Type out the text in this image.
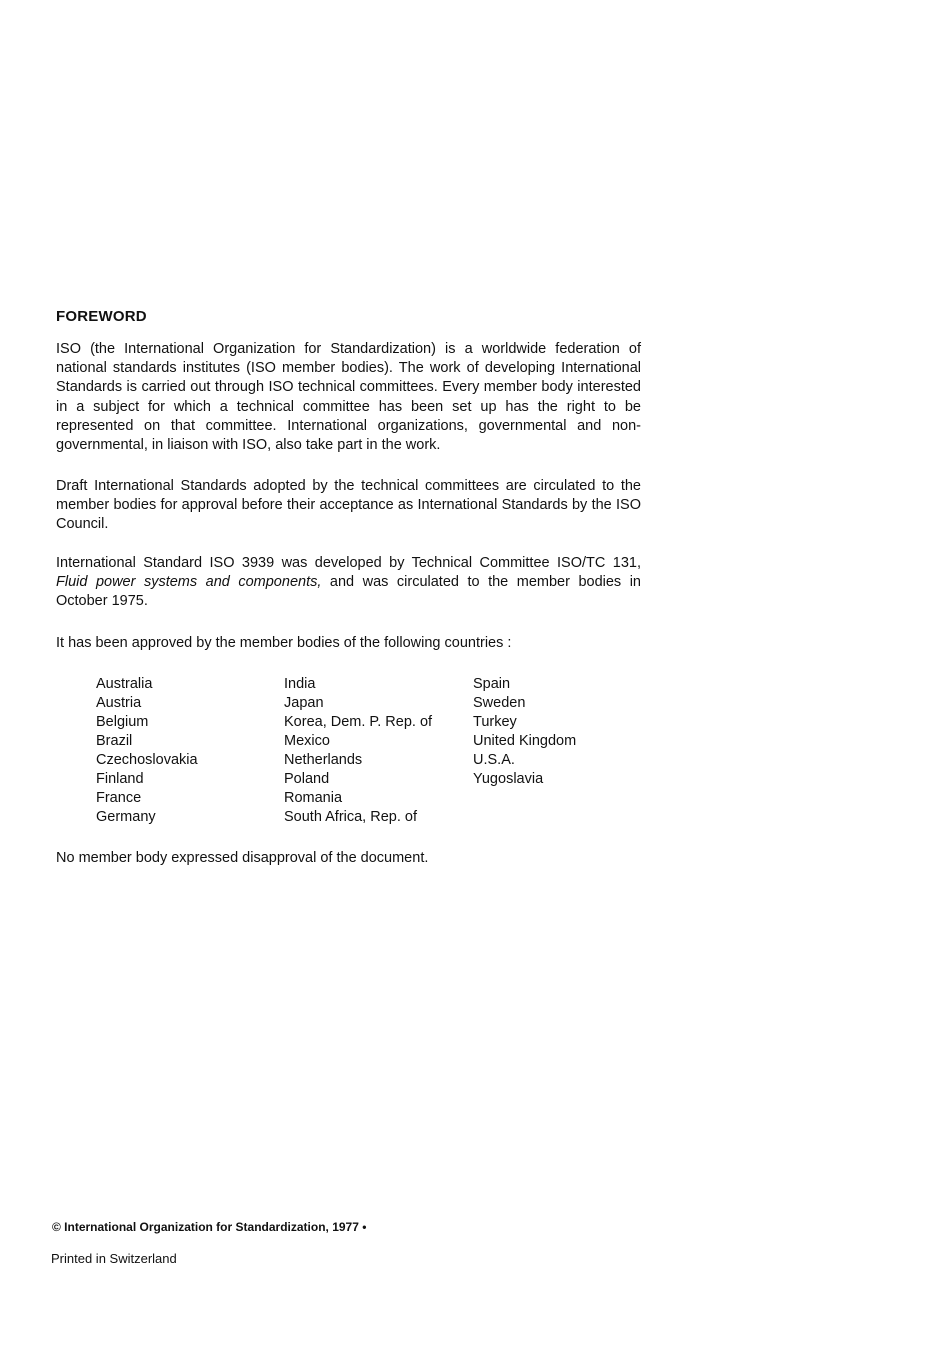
FOREWORD

ISO (the International Organization for Standardization) is a worldwide federation of national standards institutes (ISO member bodies). The work of developing International Standards is carried out through ISO technical committees. Every member body interested in a subject for which a technical committee has been set up has the right to be represented on that committee. International organizations, governmental and non-governmental, in liaison with ISO, also take part in the work.

Draft International Standards adopted by the technical committees are circulated to the member bodies for approval before their acceptance as International Standards by the ISO Council.

International Standard ISO 3939 was developed by Technical Committee ISO/TC 131, Fluid power systems and components, and was circulated to the member bodies in October 1975.

It has been approved by the member bodies of the following countries :

Australia
Austria
Belgium
Brazil
Czechoslovakia
Finland
France
Germany
India
Japan
Korea, Dem. P. Rep. of
Mexico
Netherlands
Poland
Romania
South Africa, Rep. of
Spain
Sweden
Turkey
United Kingdom
U.S.A.
Yugoslavia

No member body expressed disapproval of the document.

© International Organization for Standardization, 1977 •

Printed in Switzerland
